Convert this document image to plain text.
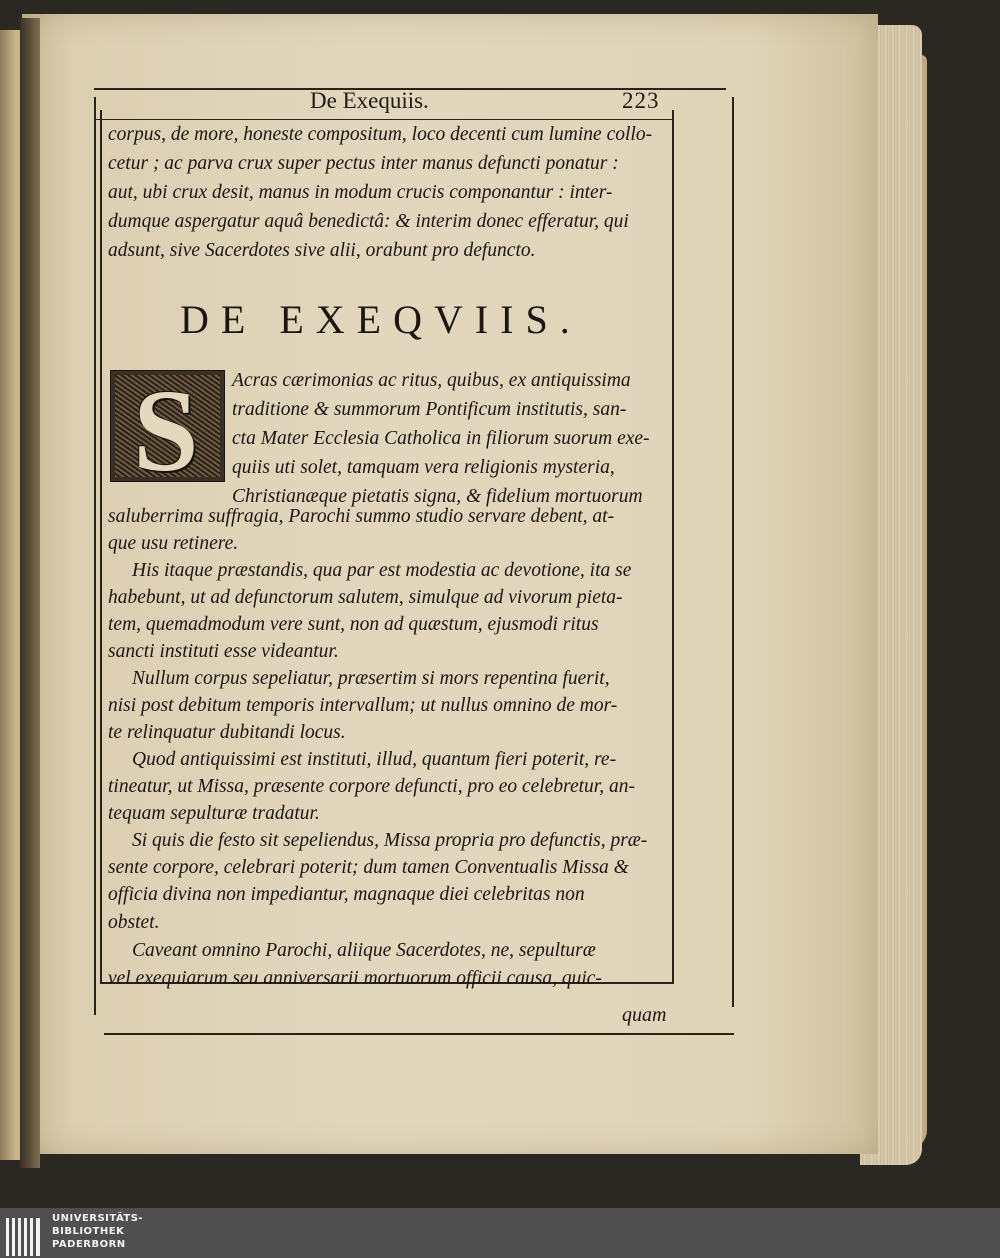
De Exequiis.	223
corpus, de more, honeste compositum, loco decenti cum lumine collo-
cetur ; ac parva crux super pectus inter manus defuncti ponatur :
aut, ubi crux desit, manus in modum crucis componantur : inter-
dumque aspergatur aquâ benedictâ: & interim donec efferatur, qui
adsunt, sive Sacerdotes sive alii, orabunt pro defuncto.
DE EXEQVIIS.
S Acras cærimonias ac ritus, quibus, ex antiquissima
traditione & summorum Pontificum institutis, san-
cta Mater Ecclesia Catholica in filiorum suorum exe-
quiis uti solet, tamquam vera religionis mysteria,
Christianæque pietatis signa, & fidelium mortuorum
saluberrima suffragia, Parochi summo studio servare debent, at-
que usu retinere.
His itaque præstandis, qua par est modestia ac devotione, ita se
habebunt, ut ad defunctorum salutem, simulque ad vivorum pieta-
tem, quemadmodum vere sunt, non ad quæstum, ejusmodi ritus
sancti instituti esse videantur.
Nullum corpus sepeliatur, præsertim si mors repentina fuerit,
nisi post debitum temporis intervallum; ut nullus omnino de mor-
te relinquatur dubitandi locus.
Quod antiquissimi est instituti, illud, quantum fieri poterit, re-
tineatur, ut Missa, præsente corpore defuncti, pro eo celebretur, an-
tequam sepulturæ tradatur.
Si quis die festo sit sepeliendus, Missa propria pro defunctis, præ-
sente corpore, celebrari poterit; dum tamen Conventualis Missa &
officia divina non impediantur, magnaque diei celebritas non
obstet.
Caveant omnino Parochi, aliique Sacerdotes, ne, sepulturæ
vel exequiarum seu anniversarii mortuorum officii causa, quic-
quam
UNIVERSITÄTS-
BIBLIOTHEK
PADERBORN
